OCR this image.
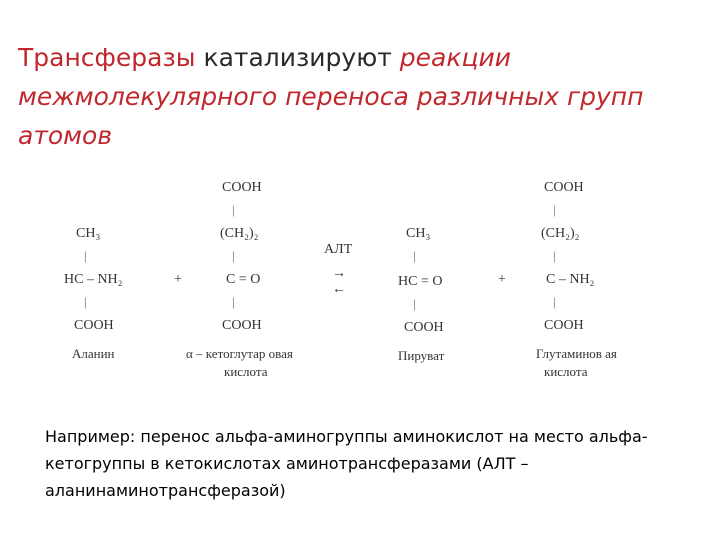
Трансферазы катализируют реакции межмолекулярного переноса различных групп атомов
CH₃
|
HC – NH₂
|
COOH
Аланин
+
COOH
|
(CH₂)₂
|
C = O
|
COOH
α – кетоглутар овая
кислота
АЛТ
→
←
CH₃
|
HC = O
|
COOH
Пируват
+
COOH
|
(CH₂)₂
|
C – NH₂
|
COOH
Глутаминов ая
кислота
Например: перенос альфа-аминогруппы аминокислот на место альфа-кетогруппы в кетокислотах аминотрансферазами (АЛТ – аланинаминотрансферазой)
